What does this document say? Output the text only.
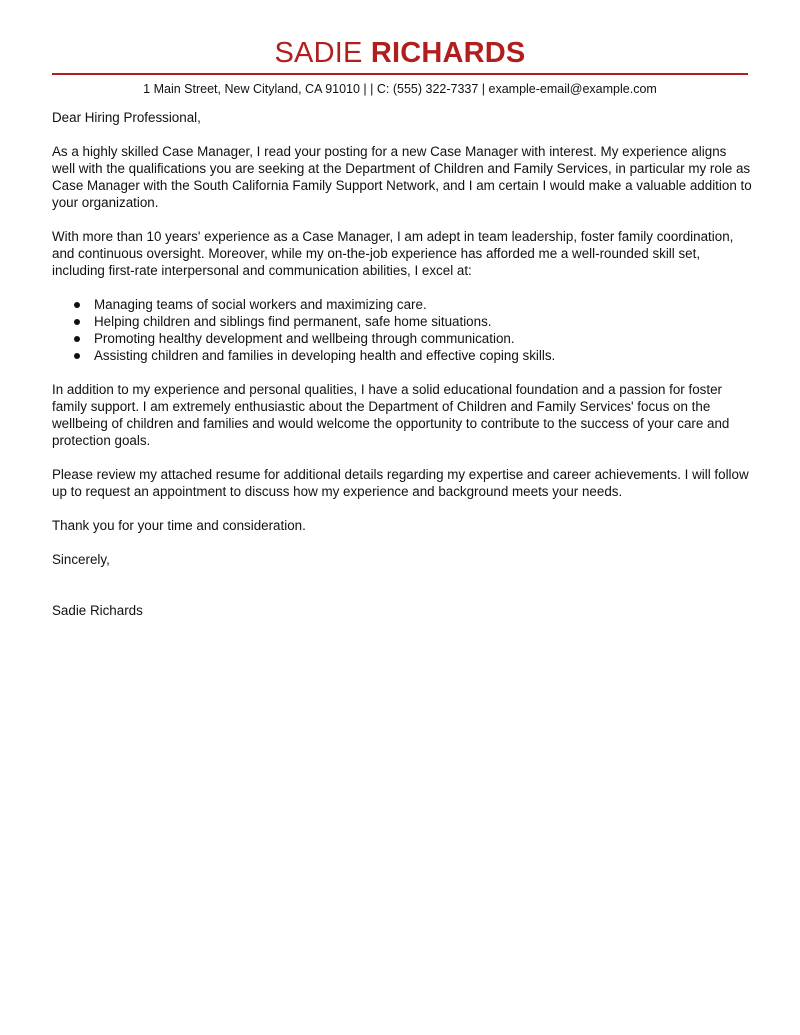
SADIE RICHARDS
1 Main Street, New Cityland, CA 91010 | | C: (555) 322-7337 | example-email@example.com

Dear Hiring Professional,

As a highly skilled Case Manager, I read your posting for a new Case Manager with interest. My experience aligns well with the qualifications you are seeking at the Department of Children and Family Services, in particular my role as Case Manager with the South California Family Support Network, and I am certain I would make a valuable addition to your organization.

With more than 10 years' experience as a Case Manager, I am adept in team leadership, foster family coordination, and continuous oversight. Moreover, while my on-the-job experience has afforded me a well-rounded skill set, including first-rate interpersonal and communication abilities, I excel at:

Managing teams of social workers and maximizing care.
Helping children and siblings find permanent, safe home situations.
Promoting healthy development and wellbeing through communication.
Assisting children and families in developing health and effective coping skills.

In addition to my experience and personal qualities, I have a solid educational foundation and a passion for foster family support. I am extremely enthusiastic about the Department of Children and Family Services' focus on the wellbeing of children and families and would welcome the opportunity to contribute to the success of your care and protection goals.

Please review my attached resume for additional details regarding my expertise and career achievements. I will follow up to request an appointment to discuss how my experience and background meets your needs.

Thank you for your time and consideration.

Sincerely,

Sadie Richards
